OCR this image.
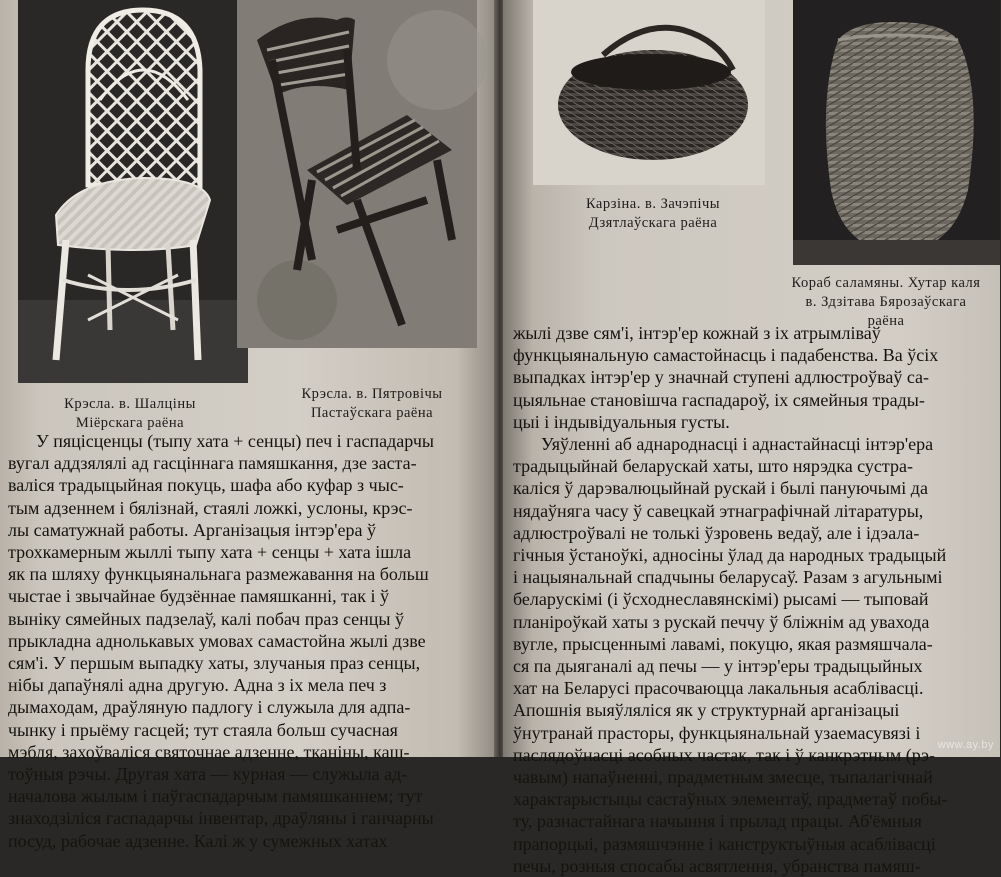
Крэсла. в. Шалціны
Міёрскага раёна
Крэсла. в. Пятровічы
Пастаўскага раёна
У пяцісценцы (тыпу хата + сенцы) печ і гаспадарчы
вугал аддзялялі ад гасціннага памяшкання, дзе заста-
валіся традыцыйная покуць, шафа або куфар з чыс-
тым адзеннем і бялізнай, стаялі ложкі, услоны, крэс-
лы саматужнай работы. Арганізацыя інтэр'ера ў
трохкамерным жыллі тыпу хата + сенцы + хата ішла
як па шляху функцыянальнага размежавання на больш
чыстае і звычайнае будзённае памяшканні, так і ў
выніку сямейных падзелаў, калі побач праз сенцы ў
прыкладна аднолькавых умовах самастойна жылі дзве
сям'і. У першым выпадку хаты, злучаныя праз сенцы,
нібы дапаўнялі адна другую. Адна з іх мела печ з
дымаходам, драўляную падлогу і служыла для адпа-
чынку і прыёму гасцей; тут стаяла больш сучасная
мэбля, захоўваліся святочнае адзенне, тканіны, каш-
тоўныя рэчы. Другая хата — курная — служыла ад-
началова жылым і паўгаспадарчым памяшканнем; тут
знаходзіліся гаспадарчы інвентар, драўляны і ганчарны
посуд, рабочае адзенне. Калі ж у сумежных хатах
Карзіна. в. Зачэпічы
Дзятлаўскага раёна
Кораб саламяны. Хутар каля
в. Здзітава Бярозаўскага
раёна
жылі дзве сям'і, інтэр'ер кожнай з іх атрымліваў
функцыянальную самастойнасць і падабенства. Ва ўсіх
выпадках інтэр'ер у значнай ступені адлюстроўваў са-
цыяльнае становішча гаспадароў, іх сямейныя трады-
цыі і індывідуальныя густы.
Уяўленні аб аднароднасці і аднастайнасці інтэр'ера
традыцыйнай беларускай хаты, што нярэдка сустра-
каліся ў дарэвалюцыйнай рускай і былі пануючымі да
нядаўняга часу ў савецкай этнаграфічнай літаратуры,
адлюстроўвалі не толькі ўзровень ведаў, але і ідэала-
гічныя ўстаноўкі, адносіны ўлад да народных традыцый
і нацыянальнай спадчыны беларусаў. Разам з агульнымі
беларускімі (і ўсходнеславянскімі) рысамі — тыповай
планіроўкай хаты з рускай печчу ў бліжнім ад увахода
вугле, прысценнымі лавамі, покуцю, якая размяшчала-
ся па дыяганалі ад печы — у інтэр'еры традыцыйных
хат на Беларусі прасочваюцца лакальныя асаблівасці.
Апошнія выяўляліся як у структурнай арганізацыі
ўнутранай прасторы, функцыянальнай узаемасувязі і
паслядоўнасці асобных частак, так і ў канкрэтным (рэ-
чавым) напаўненні, прадметным змесце, тыпалагічнай
характарыстыцы састаўных элементаў, прадметаў побы-
ту, разнастайнага начыння і прылад працы. Аб'ёмныя
прапорцыі, размяшчэнне і канструктыўныя асаблівасці
печы, розныя спосабы асвятлення, убранства памяш-
www.ay.by
